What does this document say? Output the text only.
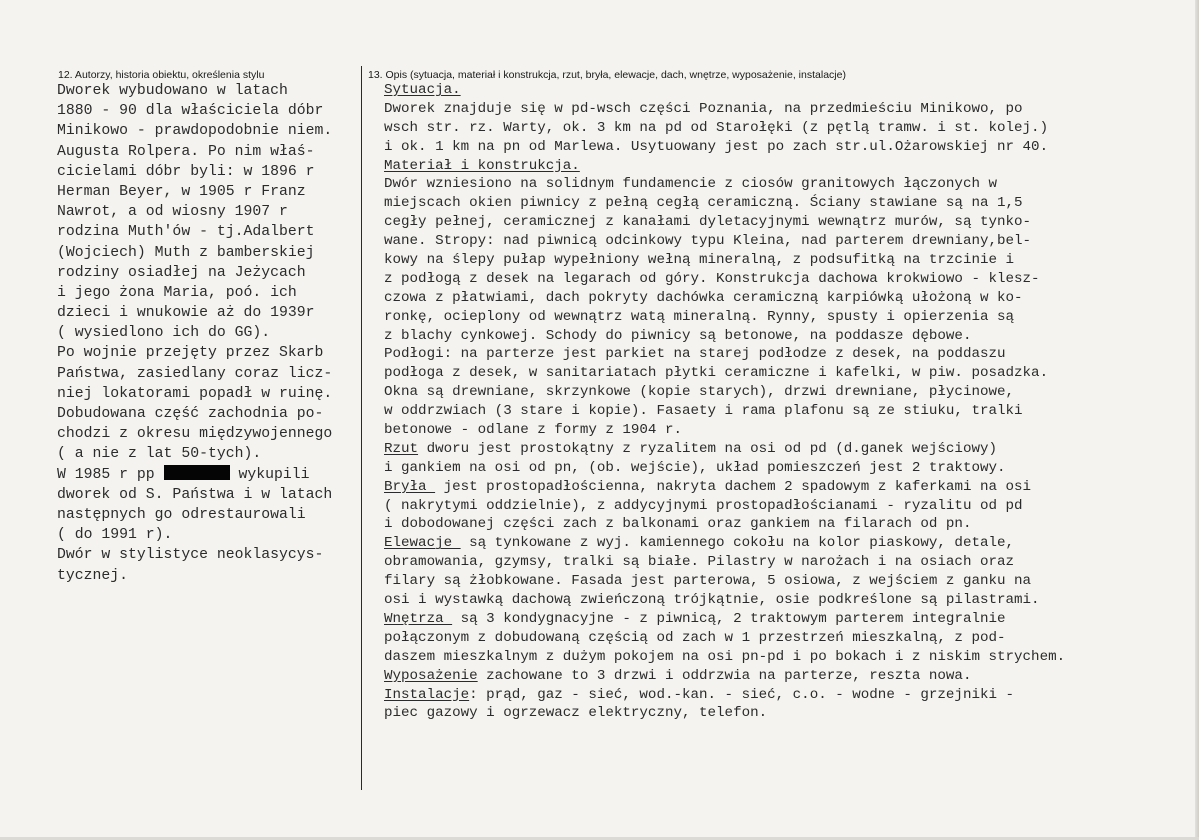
12. Autorzy, historia obiektu, określenia stylu	13. Opis (sytuacja, materiał i konstrukcja, rzut, bryła, elewacje, dach, wnętrze, wyposażenie, instalacje)
Dworek wybudowano w latach
1880 - 90 dla właściciela dóbr
Minikowo - prawdopodobnie niem.
Augusta Rolpera. Po nim właś-
cicielami dóbr byli: w 1896 r
Herman Beyer, w 1905 r Franz
Nawrot, a od wiosny 1907 r
rodzina Muth'ów - tj.Adalbert
(Wojciech) Muth z bamberskiej
rodziny osiadłej na Jeżycach
i jego żona Maria, poó. ich
dzieci i wnukowie aż do 1939r
( wysiedlono ich do GG).
Po wojnie przejęty przez Skarb
Państwa, zasiedlany coraz licz-
niej lokatorami popadł w ruinę.
Dobudowana część zachodnia po-
chodzi z okresu międzywojennego
( a nie z lat 50-tych).
W 1985 r pp	wykupili
dworek od S. Państwa i w latach
następnych go odrestaurowali
( do 1991 r).
Dwór w stylistyce neoklasycys-
tycznej.
Sytuacja.
Dworek znajduje się w pd-wsch części Poznania, na przedmieściu Minikowo, po
wsch str. rz. Warty, ok. 3 km na pd od Starołęki (z pętlą tramw. i st. kolej.)
i ok. 1 km na pn od Marlewa. Usytuowany jest po zach str.ul.Ożarowskiej nr 40.
Materiał i konstrukcja.
Dwór wzniesiono na solidnym fundamencie z ciosów granitowych łączonych w
miejscach okien piwnicy z pełną cegłą ceramiczną. Ściany stawiane są na 1,5
cegły pełnej, ceramicznej z kanałami dyletacyjnymi wewnątrz murów, są tynko-
wane. Stropy: nad piwnicą odcinkowy typu Kleina, nad parterem drewniany,bel-
kowy na ślepy pułap wypełniony wełną mineralną, z podsufitką na trzcinie i
z podłogą z desek na legarach od góry. Konstrukcja dachowa krokwiowo - klesz-
czowa z płatwiami, dach pokryty dachówka ceramiczną karpiówką ułożoną w ko-
ronkę, ocieplony od wewnątrz watą mineralną. Rynny, spusty i opierzenia są
z blachy cynkowej. Schody do piwnicy są betonowe, na poddasze dębowe.
Podłogi: na parterze jest parkiet na starej podłodze z desek, na poddaszu
podłoga z desek, w sanitariatach płytki ceramiczne i kafelki, w piw. posadzka.
Okna są drewniane, skrzynkowe (kopie starych), drzwi drewniane, płycinowe,
w oddrzwiach (3 stare i kopie). Fasaety i rama plafonu są ze stiuku, tralki
betonowe - odlane z formy z 1904 r.
Rzut dworu jest prostokątny z ryzalitem na osi od pd (d.ganek wejściowy)
i gankiem na osi od pn, (ob. wejście), układ pomieszczeń jest 2 traktowy.
Bryła  jest prostopadłościenna, nakryta dachem 2 spadowym z kaferkami na osi
( nakrytymi oddzielnie), z addycyjnymi prostopadłościanami - ryzalitu od pd
i dobodowanej części zach z balkonami oraz gankiem na filarach od pn.
Elewacje  są tynkowane z wyj. kamiennego cokołu na kolor piaskowy, detale,
obramowania, gzymsy, tralki są białe. Pilastry w narożach i na osiach oraz
filary są żłobkowane. Fasada jest parterowa, 5 osiowa, z wejściem z ganku na
osi i wystawką dachową zwieńczoną trójkątnie, osie podkreślone są pilastrami.
Wnętrza  są 3 kondygnacyjne - z piwnicą, 2 traktowym parterem integralnie
połączonym z dobudowaną częścią od zach w 1 przestrzeń mieszkalną, z pod-
daszem mieszkalnym z dużym pokojem na osi pn-pd i po bokach i z niskim strychem.
Wyposażenie zachowane to 3 drzwi i oddrzwia na parterze, reszta nowa.
Instalacje: prąd, gaz - sieć, wod.-kan. - sieć, c.o. - wodne - grzejniki -
piec gazowy i ogrzewacz elektryczny, telefon.
